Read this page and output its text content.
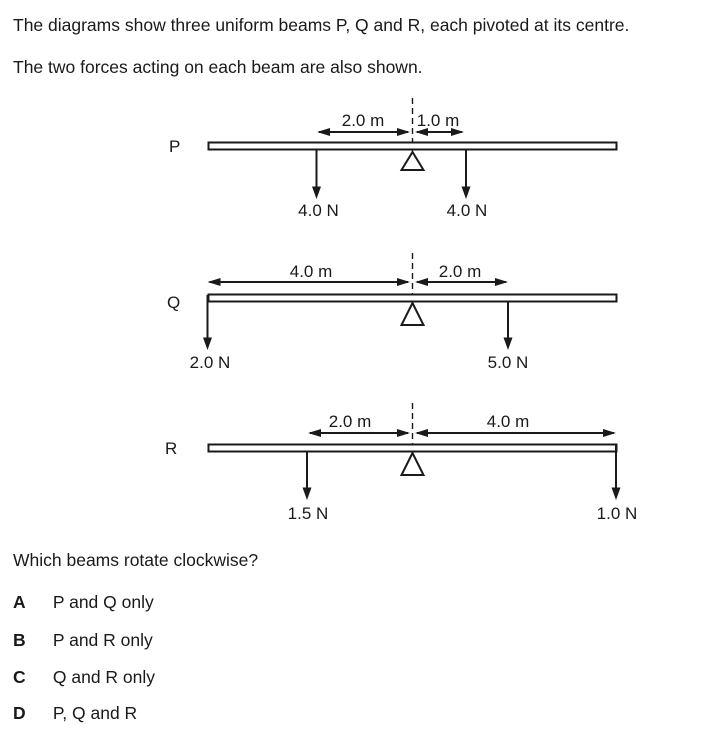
The diagrams show three uniform beams P, Q and R, each pivoted at its centre.

The two forces acting on each beam are also shown.

P
2.0 m 1.0 m
4.0 N	4.0 N
Q
4.0 m	2.0 m
2.0 N	5.0 N
R
2.0 m	4.0 m
1.5 N	1.0 N

Which beams rotate clockwise?

A P and Q only

B P and R only

C Q and R only

D P, Q and R
